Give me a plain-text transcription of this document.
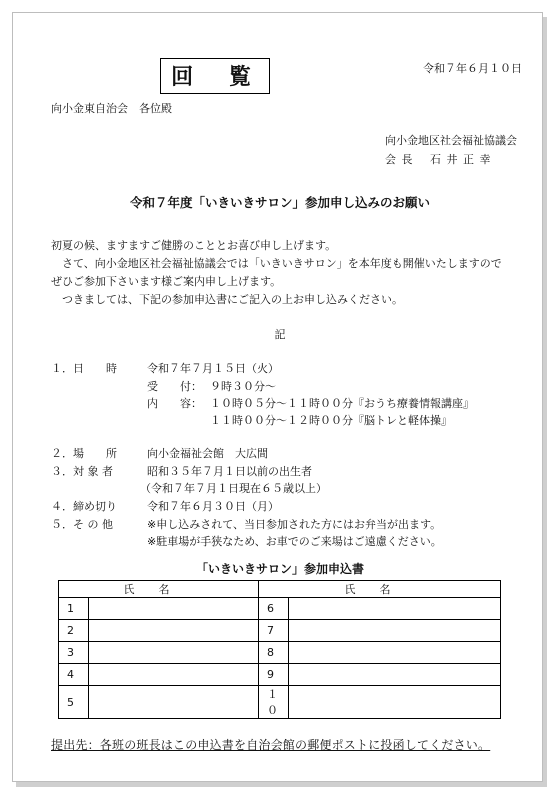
回 覧	令和７年６月１０日
向小金東自治会　各位殿
向小金地区社会福祉協議会
会 長　 石 井 正 幸
令和７年度「いきいきサロン」参加申し込みのお願い
初夏の候、ますますご健勝のこととお喜び申し上げます。
　さて、向小金地区社会福祉協議会では「いきいきサロン」を本年度も開催いたしますので
ぜひご参加下さいます様ご案内申し上げます。
　つきましては、下記の参加申込書にご記入の上お申し込みください。
記
１．日　　時	令和７年７月１５日（火）
受　　付： ９時３０分～
内　　容： １０時０５分～１１時００分『おうち療養情報講座』
１１時００分～１２時００分『脳トレと軽体操』
２．場　　所	向小金福祉会館　大広間
３．対 象 者	昭和３５年７月１日以前の出生者
（令和７年７月１日現在６５歳以上）
４．締め切り	令和７年６月３０日（月）
５．そ の 他	※申し込みされて、当日参加された方にはお弁当が出ます。
※駐車場が手狭なため、お車でのご来場はご遠慮ください。
「いきいきサロン」参加申込書
氏名		氏名	
1		6	
2		7	
3		8	
4		9	
5		１０	
提出先：各班の班長はこの申込書を自治会館の郵便ポストに投函してください。
